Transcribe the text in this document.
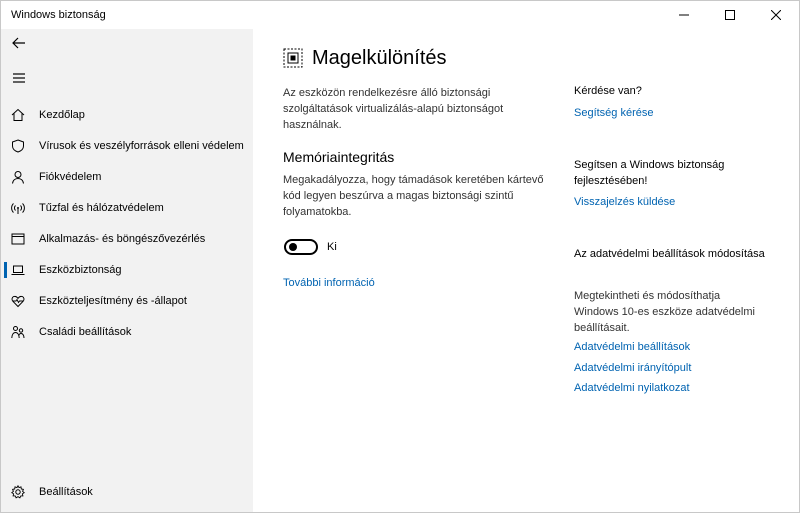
Windows biztonság
Kezdőlap
Vírusok és veszélyforrások elleni védelem
Fiókvédelem
Tűzfal és hálózatvédelem
Alkalmazás- és böngészővezérlés
Eszközbiztonság
Eszközteljesítmény és -állapot
Családi beállítások
Beállítások
Magelkülönítés
Az eszközön rendelkezésre álló biztonsági szolgáltatások virtualizálás-alapú biztonságot használnak.
Memóriaintegritás
Megakadályozza, hogy támadások keretében kártevő kód legyen beszúrva a magas biztonsági szintű folyamatokba.
Ki
További információ
Kérdése van?
Segítség kérése
Segítsen a Windows biztonság fejlesztésében!
Visszajelzés küldése
Az adatvédelmi beállítások módosítása
Megtekintheti és módosíthatja Windows 10-es eszköze adatvédelmi beállításait.
Adatvédelmi beállítások
Adatvédelmi irányítópult
Adatvédelmi nyilatkozat
